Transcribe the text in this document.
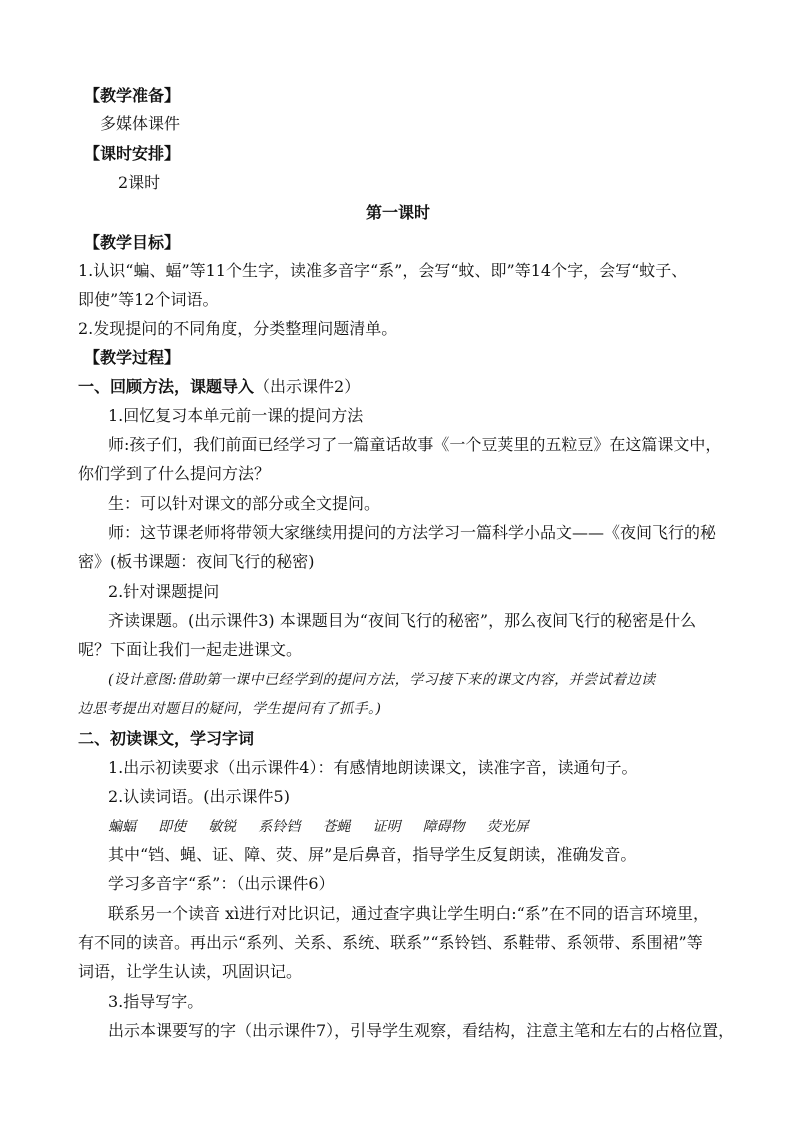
【教学准备】
多媒体课件
【课时安排】
2课时
第一课时
【教学目标】
1.认识“蝙、蝠”等11个生字，读准多音字“系”，会写“蚊、即”等14个字，会写“蚊子、
即使”等12个词语。
2.发现提问的不同角度，分类整理问题清单。
【教学过程】
一、回顾方法，课题导入（出示课件2）
1.回忆复习本单元前一课的提问方法
师:孩子们，我们前面已经学习了一篇童话故事《一个豆荚里的五粒豆》在这篇课文中，
你们学到了什么提问方法？
生：可以针对课文的部分或全文提问。
师：这节课老师将带领大家继续用提问的方法学习一篇科学小品文——《夜间飞行的秘
密》(板书课题：夜间飞行的秘密)
2.针对课题提问
齐读课题。(出示课件3) 本课题目为“夜间飞行的秘密”，那么夜间飞行的秘密是什么
呢？下面让我们一起走进课文。
(设计意图:借助第一课中已经学到的提问方法，学习接下来的课文内容，并尝试着边读
边思考提出对题目的疑问，学生提问有了抓手。)
二、初读课文，学习字词
1.出示初读要求（出示课件4）：有感情地朗读课文，读准字音，读通句子。
2.认读词语。(出示课件5)
蝙蝠 即使 敏锐 系铃铛 苍蝇 证明 障碍物 荧光屏
其中“铛、蝇、证、障、荧、屏”是后鼻音，指导学生反复朗读，准确发音。
学习多音字“系”：（出示课件6）
联系另一个读音 xì进行对比识记，通过查字典让学生明白:“系”在不同的语言环境里，
有不同的读音。再出示“系列、关系、系统、联系”“系铃铛、系鞋带、系领带、系围裙”等
词语，让学生认读，巩固识记。
3.指导写字。
出示本课要写的字（出示课件7），引导学生观察，看结构，注意主笔和左右的占格位置，
